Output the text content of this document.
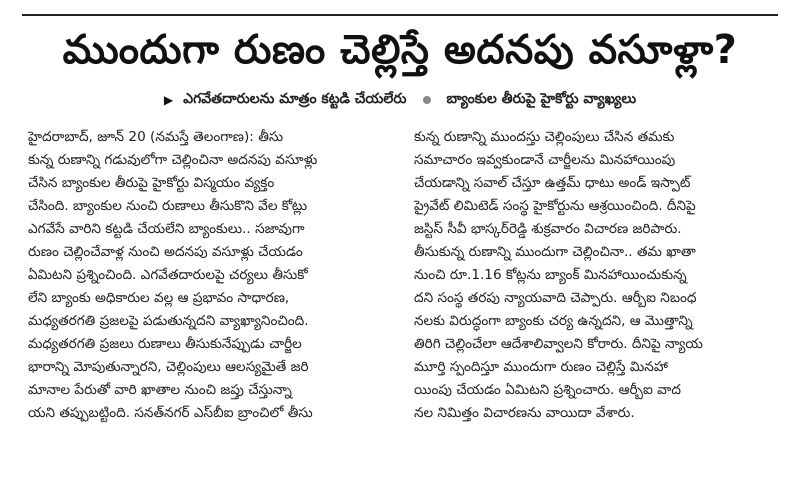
ముందుగా రుణం చెల్లిస్తే అదనపు వసూళ్లా?
▶ ఎగవేతదారులను మాత్రం కట్టడి చేయలేరు	బ్యాంకుల తీరుపై హైకోర్టు వ్యాఖ్యలు
హైదరాబాద్, జూన్ 20 (నమస్తే తెలంగాణ): తీసు
కున్న రుణాన్ని గడువులోగా చెల్లించినా అదనపు వసూళ్లు
చేసిన బ్యాంకుల తీరుపై హైకోర్టు విస్మయం వ్యక్తం
చేసింది. బ్యాంకుల నుంచి రుణాలు తీసుకొని వేల కోట్లు
ఎగవేసే వారిని కట్టడి చేయలేని బ్యాంకులు.. సజావుగా
రుణం చెల్లించేవాళ్ల నుంచి అదనపు వసూళ్లు చేయడం
ఏమిటని ప్రశ్నించింది. ఎగవేతదారులపై చర్యలు తీసుకో
లేని బ్యాంకు అధికారుల వల్ల ఆ ప్రభావం సాధారణ,
మధ్యతరగతి ప్రజలపై పడుతున్నదని వ్యాఖ్యానించింది.
మధ్యతరగతి ప్రజలు రుణాలు తీసుకునేప్పుడు చార్జీల
భారాన్ని మోపుతున్నారని, చెల్లింపులు ఆలస్యమైతే జరి
మానాల పేరుతో వారి ఖాతాల నుంచి జప్తు చేస్తున్నా
యని తప్పుబట్టింది. సనత్‌నగర్ ఎస్‌బీఐ బ్రాంచిలో తీసు
కున్న రుణాన్ని ముందస్తు చెల్లింపులు చేసిన తమకు
సమాచారం ఇవ్వకుండానే చార్జీలను మినహాయింపు
చేయడాన్ని సవాల్ చేస్తూ ఉత్తమ్ ధాటు అండ్ ఇస్పాట్
ప్రైవేట్ లిమిటెడ్ సంస్థ హైకోర్టును ఆశ్రయించింది. దీనిపై
జస్టిస్ సీవీ భాస్కర్‌రెడ్డి శుక్రవారం విచారణ జరిపారు.
తీసుకున్న రుణాన్ని ముందుగా చెల్లించినా.. తమ ఖాతా
నుంచి రూ.1.16 కోట్లను బ్యాంక్ మినహాయించుకున్న
దని సంస్థ తరపు న్యాయవాది చెప్పారు. ఆర్బీఐ నిబంధ
నలకు విరుద్ధంగా బ్యాంకు చర్య ఉన్నదని, ఆ మొత్తాన్ని
తిరిగి చెల్లించేలా ఆదేశాలివ్వాలని కోరారు. దీనిపై న్యాయ
మూర్తి స్పందిస్తూ ముందుగా రుణం చెల్లిస్తే మినహా
యింపు చేయడం ఏమిటని ప్రశ్నించారు. ఆర్బీఐ వాద
నల నిమిత్తం విచారణను వాయిదా వేశారు.
